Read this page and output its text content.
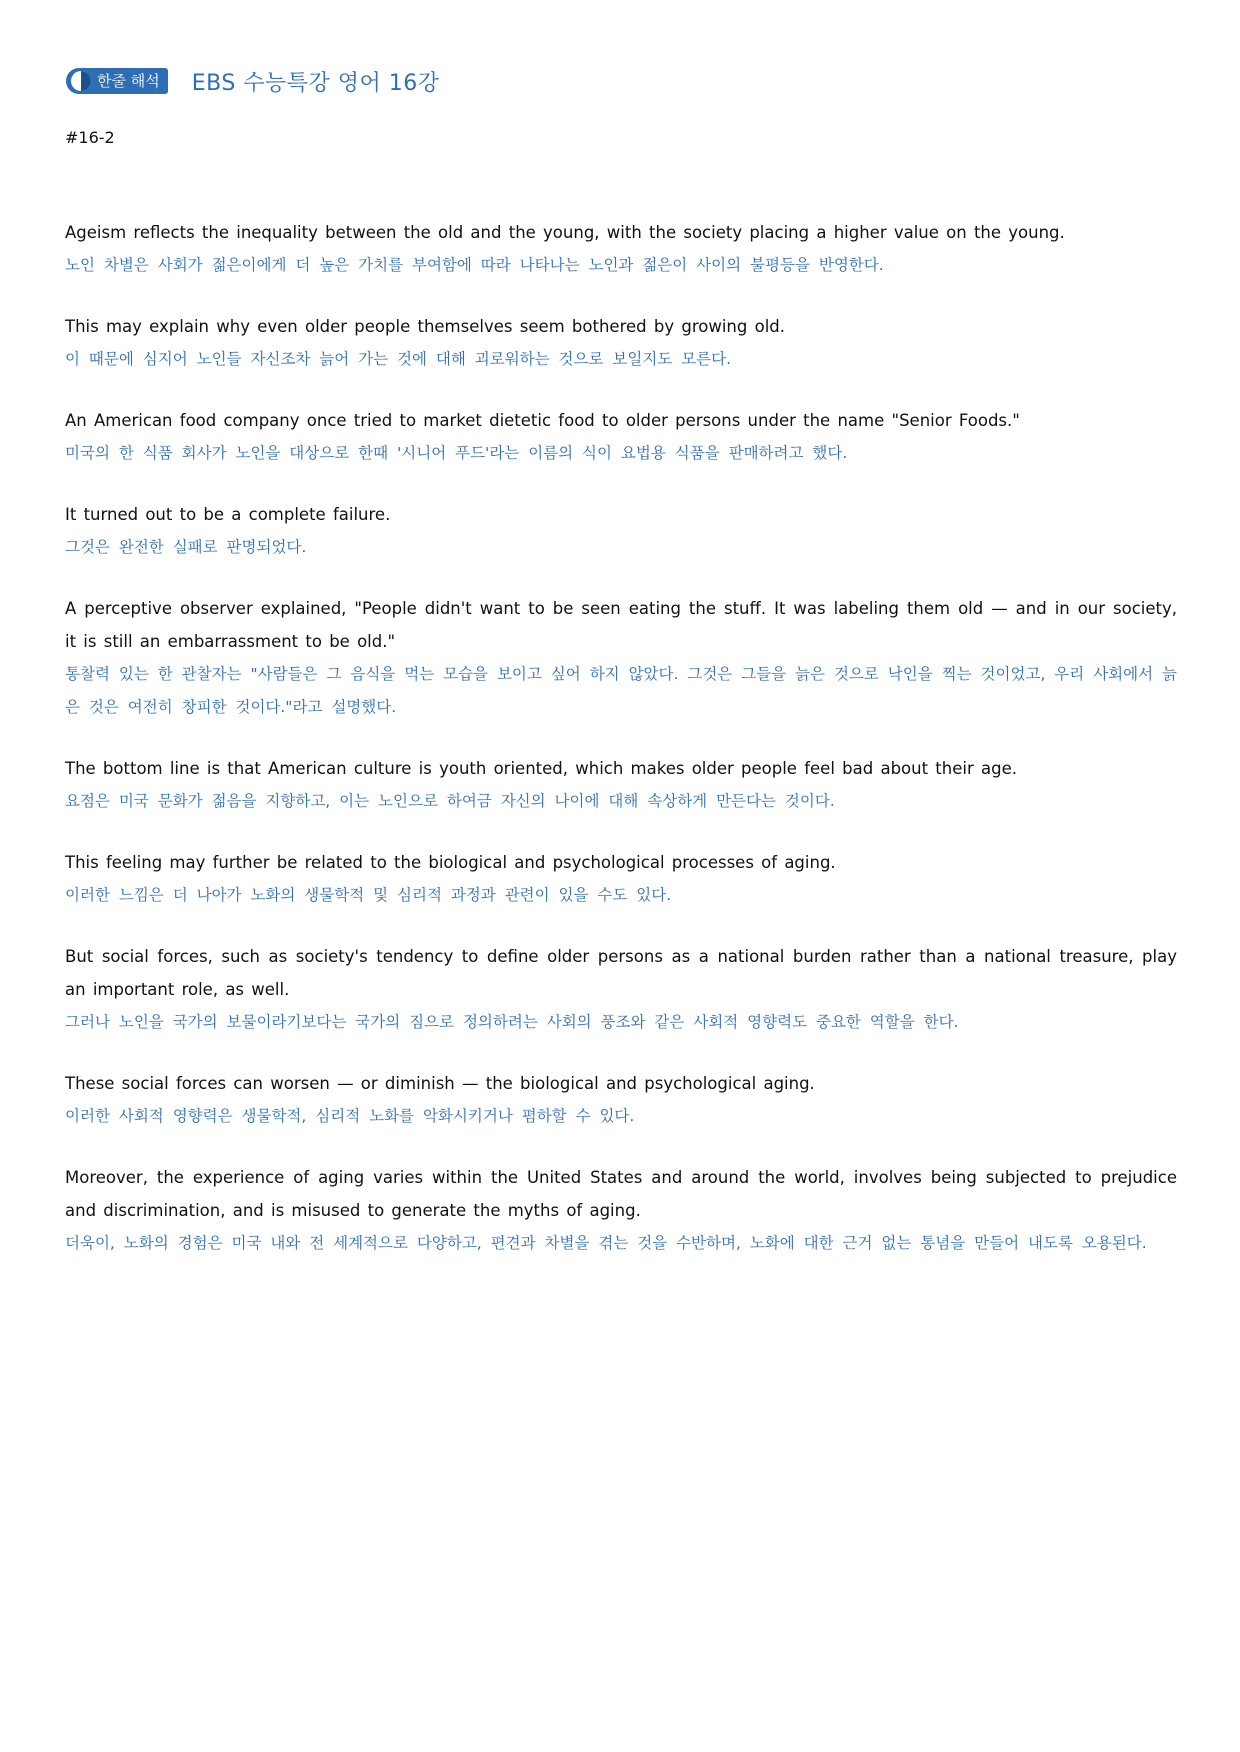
한줄 해석 EBS 수능특강 영어 16강
#16-2

Ageism reflects the inequality between the old and the young, with the society placing a higher value on the young.

노인 차별은 사회가 젊은이에게 더 높은 가치를 부여함에 따라 나타나는 노인과 젊은이 사이의 불평등을 반영한다.

This may explain why even older people themselves seem bothered by growing old.

이 때문에 심지어 노인들 자신조차 늙어 가는 것에 대해 괴로워하는 것으로 보일지도 모른다.

An American food company once tried to market dietetic food to older persons under the name "Senior Foods."

미국의 한 식품 회사가 노인을 대상으로 한때 '시니어 푸드'라는 이름의 식이 요법용 식품을 판매하려고 했다.

It turned out to be a complete failure.

그것은 완전한 실패로 판명되었다.

A perceptive observer explained, "People didn't want to be seen eating the stuff. It was labeling them old — and in our society, it is still an embarrassment to be old."

통찰력 있는 한 관찰자는 "사람들은 그 음식을 먹는 모습을 보이고 싶어 하지 않았다. 그것은 그들을 늙은 것으로 낙인을 찍는 것이었고, 우리 사회에서 늙은 것은 여전히 창피한 것이다."라고 설명했다.

The bottom line is that American culture is youth oriented, which makes older people feel bad about their age.

요점은 미국 문화가 젊음을 지향하고, 이는 노인으로 하여금 자신의 나이에 대해 속상하게 만든다는 것이다.

This feeling may further be related to the biological and psychological processes of aging.

이러한 느낌은 더 나아가 노화의 생물학적 및 심리적 과정과 관련이 있을 수도 있다.

But social forces, such as society's tendency to define older persons as a national burden rather than a national treasure, play an important role, as well.

그러나 노인을 국가의 보물이라기보다는 국가의 짐으로 정의하려는 사회의 풍조와 같은 사회적 영향력도 중요한 역할을 한다.

These social forces can worsen — or diminish — the biological and psychological aging.

이러한 사회적 영향력은 생물학적, 심리적 노화를 악화시키거나 폄하할 수 있다.

Moreover, the experience of aging varies within the United States and around the world, involves being subjected to prejudice and discrimination, and is misused to generate the myths of aging.

더욱이, 노화의 경험은 미국 내와 전 세계적으로 다양하고, 편견과 차별을 겪는 것을 수반하며, 노화에 대한 근거 없는 통념을 만들어 내도록 오용된다.
